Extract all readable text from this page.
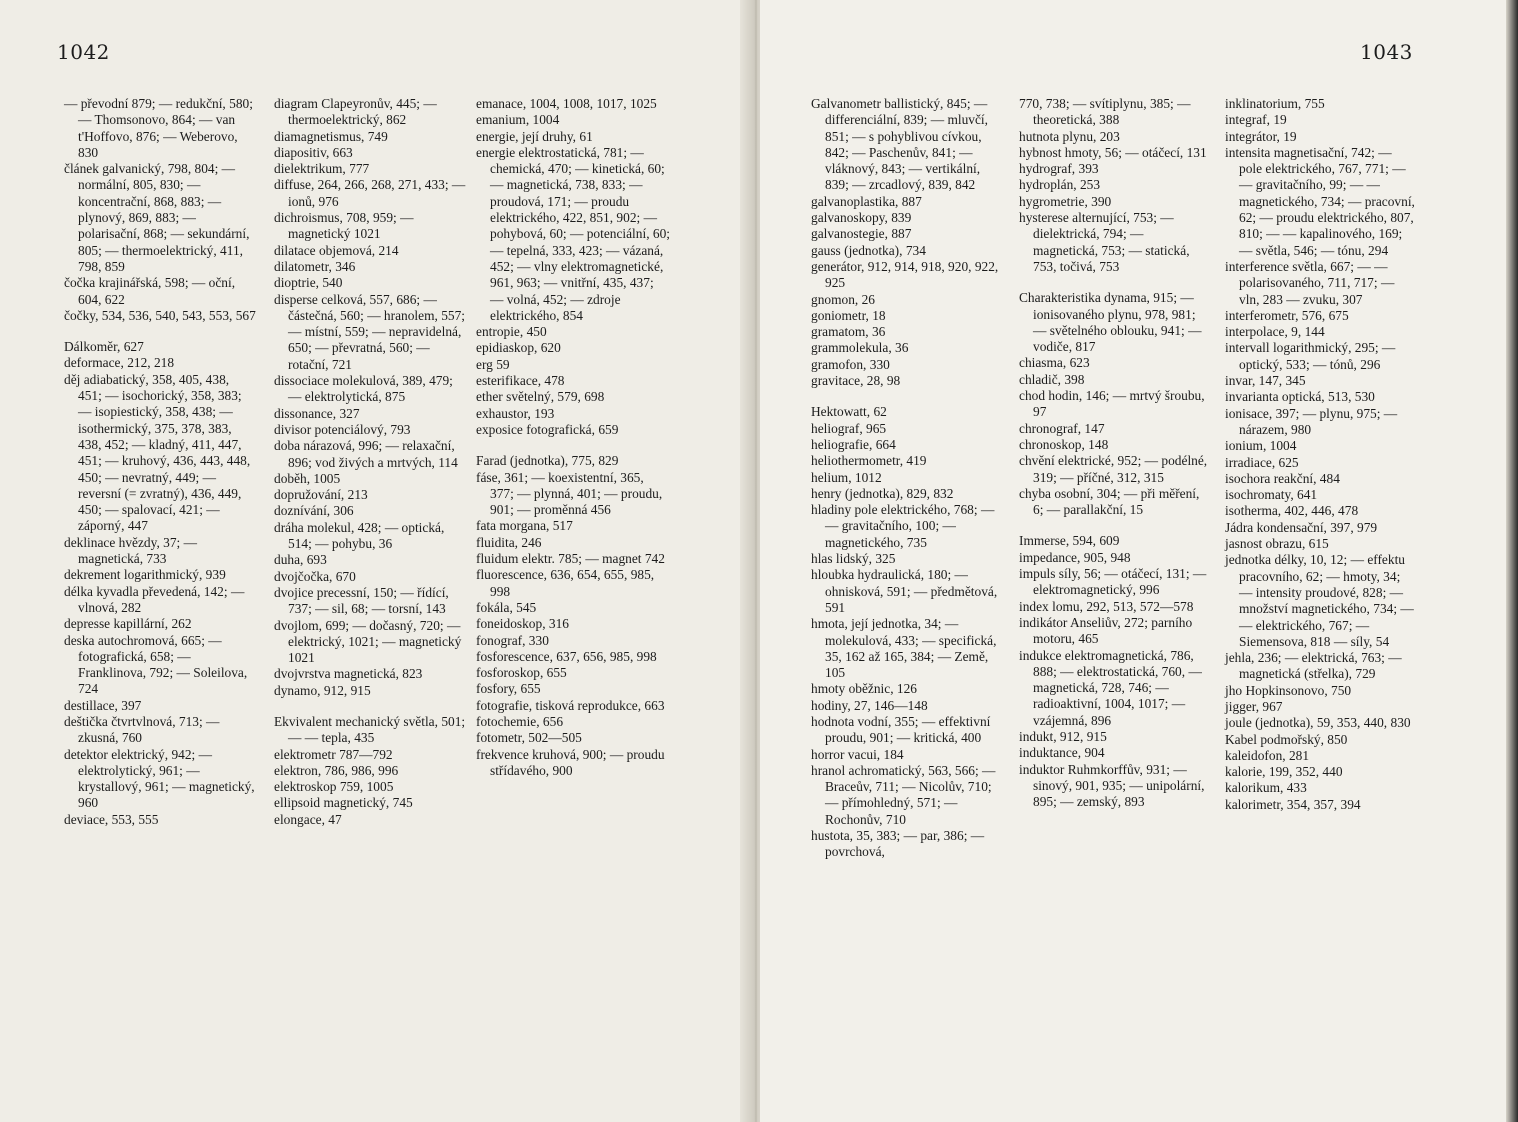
1042	1043
— převodní 879; — redukční, 580; — Thomsonovo, 864; — van t'Hoffovo, 876; — Weberovo, 830
článek galvanický, 798, 804; — normální, 805, 830; — koncentrační, 868, 883; — plynový, 869, 883; — polarisační, 868; — sekundární, 805; — thermoelektrický, 411, 798, 859
čočka krajinářská, 598; — oční, 604, 622
čočky, 534, 536, 540, 543, 553, 567
Dálkoměr, 627
deformace, 212, 218
děj adiabatický, 358, 405, 438, 451; — isochorický, 358, 383; — isopiestický, 358, 438; — isothermický, 375, 378, 383, 438, 452; — kladný, 411, 447, 451; — kruhový, 436, 443, 448, 450; — nevratný, 449; — reversní (= zvratný), 436, 449, 450; — spalovací, 421; — záporný, 447
deklinace hvězdy, 37; — magnetická, 733
dekrement logarithmický, 939
délka kyvadla převedená, 142; — vlnová, 282
depresse kapillární, 262
deska autochromová, 665; — fotografická, 658; — Franklinova, 792; — Soleilova, 724
destillace, 397
deštička čtvrtvlnová, 713; — zkusná, 760
detektor elektrický, 942; — elektrolytický, 961; — krystallový, 961; — magnetický, 960
deviace, 553, 555
diagram Clapeyronův, 445; — thermoelektrický, 862
diamagnetismus, 749
diapositiv, 663
dielektrikum, 777
diffuse, 264, 266, 268, 271, 433; — ionů, 976
dichroismus, 708, 959; — magnetický 1021
dilatace objemová, 214
dilatometr, 346
dioptrie, 540
disperse celková, 557, 686; — částečná, 560; — hranolem, 557; — místní, 559; — nepravidelná, 650; — převratná, 560; — rotační, 721
dissociace molekulová, 389, 479; — elektrolytická, 875
dissonance, 327
divisor potenciálový, 793
doba nárazová, 996; — relaxační, 896; vod živých a mrtvých, 114
doběh, 1005
dopružování, 213
doznívání, 306
dráha molekul, 428; — optická, 514; — pohybu, 36
duha, 693
dvojčočka, 670
dvojice precessní, 150; — řídící, 737; — sil, 68; — torsní, 143
dvojlom, 699; — dočasný, 720; — elektrický, 1021; — magnetický 1021
dvojvrstva magnetická, 823
dynamo, 912, 915
Ekvivalent mechanický světla, 501; — — tepla, 435
elektrometr 787—792
elektron, 786, 986, 996
elektroskop 759, 1005
ellipsoid magnetický, 745
elongace, 47
emanace, 1004, 1008, 1017, 1025
emanium, 1004
energie, její druhy, 61
energie elektrostatická, 781; — chemická, 470; — kinetická, 60; — magnetická, 738, 833; — proudová, 171; — proudu elektrického, 422, 851, 902; — pohybová, 60; — potenciální, 60; — tepelná, 333, 423; — vázaná, 452; — vlny elektromagnetické, 961, 963; — vnitřní, 435, 437; — volná, 452; — zdroje elektrického, 854
entropie, 450
epidiaskop, 620
erg 59
esterifikace, 478
ether světelný, 579, 698
exhaustor, 193
exposice fotografická, 659
Farad (jednotka), 775, 829
fáse, 361; — koexistentní, 365, 377; — plynná, 401; — proudu, 901; — proměnná 456
fata morgana, 517
fluidita, 246
fluidum elektr. 785; — magnet 742
fluorescence, 636, 654, 655, 985, 998
fokála, 545
foneidoskop, 316
fonograf, 330
fosforescence, 637, 656, 985, 998
fosforoskop, 655
fosfory, 655
fotografie, tisková reprodukce, 663
fotochemie, 656
fotometr, 502—505
frekvence kruhová, 900; — proudu střídavého, 900
Galvanometr ballistický, 845; — differenciální, 839; — mluvčí, 851; — s pohyblivou cívkou, 842; — Paschenův, 841; — vláknový, 843; — vertikální, 839; — zrcadlový, 839, 842
galvanoplastika, 887
galvanoskopy, 839
galvanostegie, 887
gauss (jednotka), 734
generátor, 912, 914, 918, 920, 922, 925
gnomon, 26
goniometr, 18
gramatom, 36
grammolekula, 36
gramofon, 330
gravitace, 28, 98
Hektowatt, 62
heliograf, 965
heliografie, 664
heliothermometr, 419
helium, 1012
henry (jednotka), 829, 832
hladiny pole elektrického, 768; — — gravitačního, 100; — magnetického, 735
hlas lidský, 325
hloubka hydraulická, 180; — ohnisková, 591; — předmětová, 591
hmota, její jednotka, 34; — molekulová, 433; — specifická, 35, 162 až 165, 384; — Země, 105
hmoty oběžnic, 126
hodiny, 27, 146—148
hodnota vodní, 355; — effektivní proudu, 901; — kritická, 400
horror vacui, 184
hranol achromatický, 563, 566; — Braceův, 711; — Nicolův, 710; — přímohledný, 571; — Rochonův, 710
hustota, 35, 383; — par, 386; — povrchová,
770, 738; — svítiplynu, 385; — theoretická, 388
hutnota plynu, 203
hybnost hmoty, 56; — otáčecí, 131
hydrograf, 393
hydroplán, 253
hygrometrie, 390
hysterese alternující, 753; — dielektrická, 794; — magnetická, 753; — statická, 753, točivá, 753
Charakteristika dynama, 915; — ionisovaného plynu, 978, 981; — světelného oblouku, 941; — vodiče, 817
chiasma, 623
chladič, 398
chod hodin, 146; — mrtvý šroubu, 97
chronograf, 147
chronoskop, 148
chvění elektrické, 952; — podélné, 319; — příčné, 312, 315
chyba osobní, 304; — při měření, 6; — parallakční, 15
Immerse, 594, 609
impedance, 905, 948
impuls síly, 56; — otáčecí, 131; — elektromagnetický, 996
index lomu, 292, 513, 572—578
indikátor Anseliův, 272; parního motoru, 465
indukce elektromagnetická, 786, 888; — elektrostatická, 760, — magnetická, 728, 746; — radioaktivní, 1004, 1017; — vzájemná, 896
indukt, 912, 915
induktance, 904
induktor Ruhmkorffův, 931; — sinový, 901, 935; — unipolární, 895; — zemský, 893
inklinatorium, 755
integraf, 19
integrátor, 19
intensita magnetisační, 742; — pole elektrického, 767, 771; — — gravitačního, 99; — — magnetického, 734; — pracovní, 62; — proudu elektrického, 807, 810; — — kapalinového, 169; — světla, 546; — tónu, 294
interference světla, 667; — — polarisovaného, 711, 717; — vln, 283 — zvuku, 307
interferometr, 576, 675
interpolace, 9, 144
intervall logarithmický, 295; — optický, 533; — tónů, 296
invar, 147, 345
invarianta optická, 513, 530
ionisace, 397; — plynu, 975; — nárazem, 980
ionium, 1004
irradiace, 625
isochora reakční, 484
isochromaty, 641
isotherma, 402, 446, 478
Jádra kondensační, 397, 979
jasnost obrazu, 615
jednotka délky, 10, 12; — effektu pracovního, 62; — hmoty, 34; — intensity proudové, 828; — množství magnetického, 734; — — elektrického, 767; — Siemensova, 818 — síly, 54
jehla, 236; — elektrická, 763; — magnetická (střelka), 729
jho Hopkinsonovo, 750
jigger, 967
joule (jednotka), 59, 353, 440, 830
Kabel podmořský, 850
kaleidofon, 281
kalorie, 199, 352, 440
kalorikum, 433
kalorimetr, 354, 357, 394
